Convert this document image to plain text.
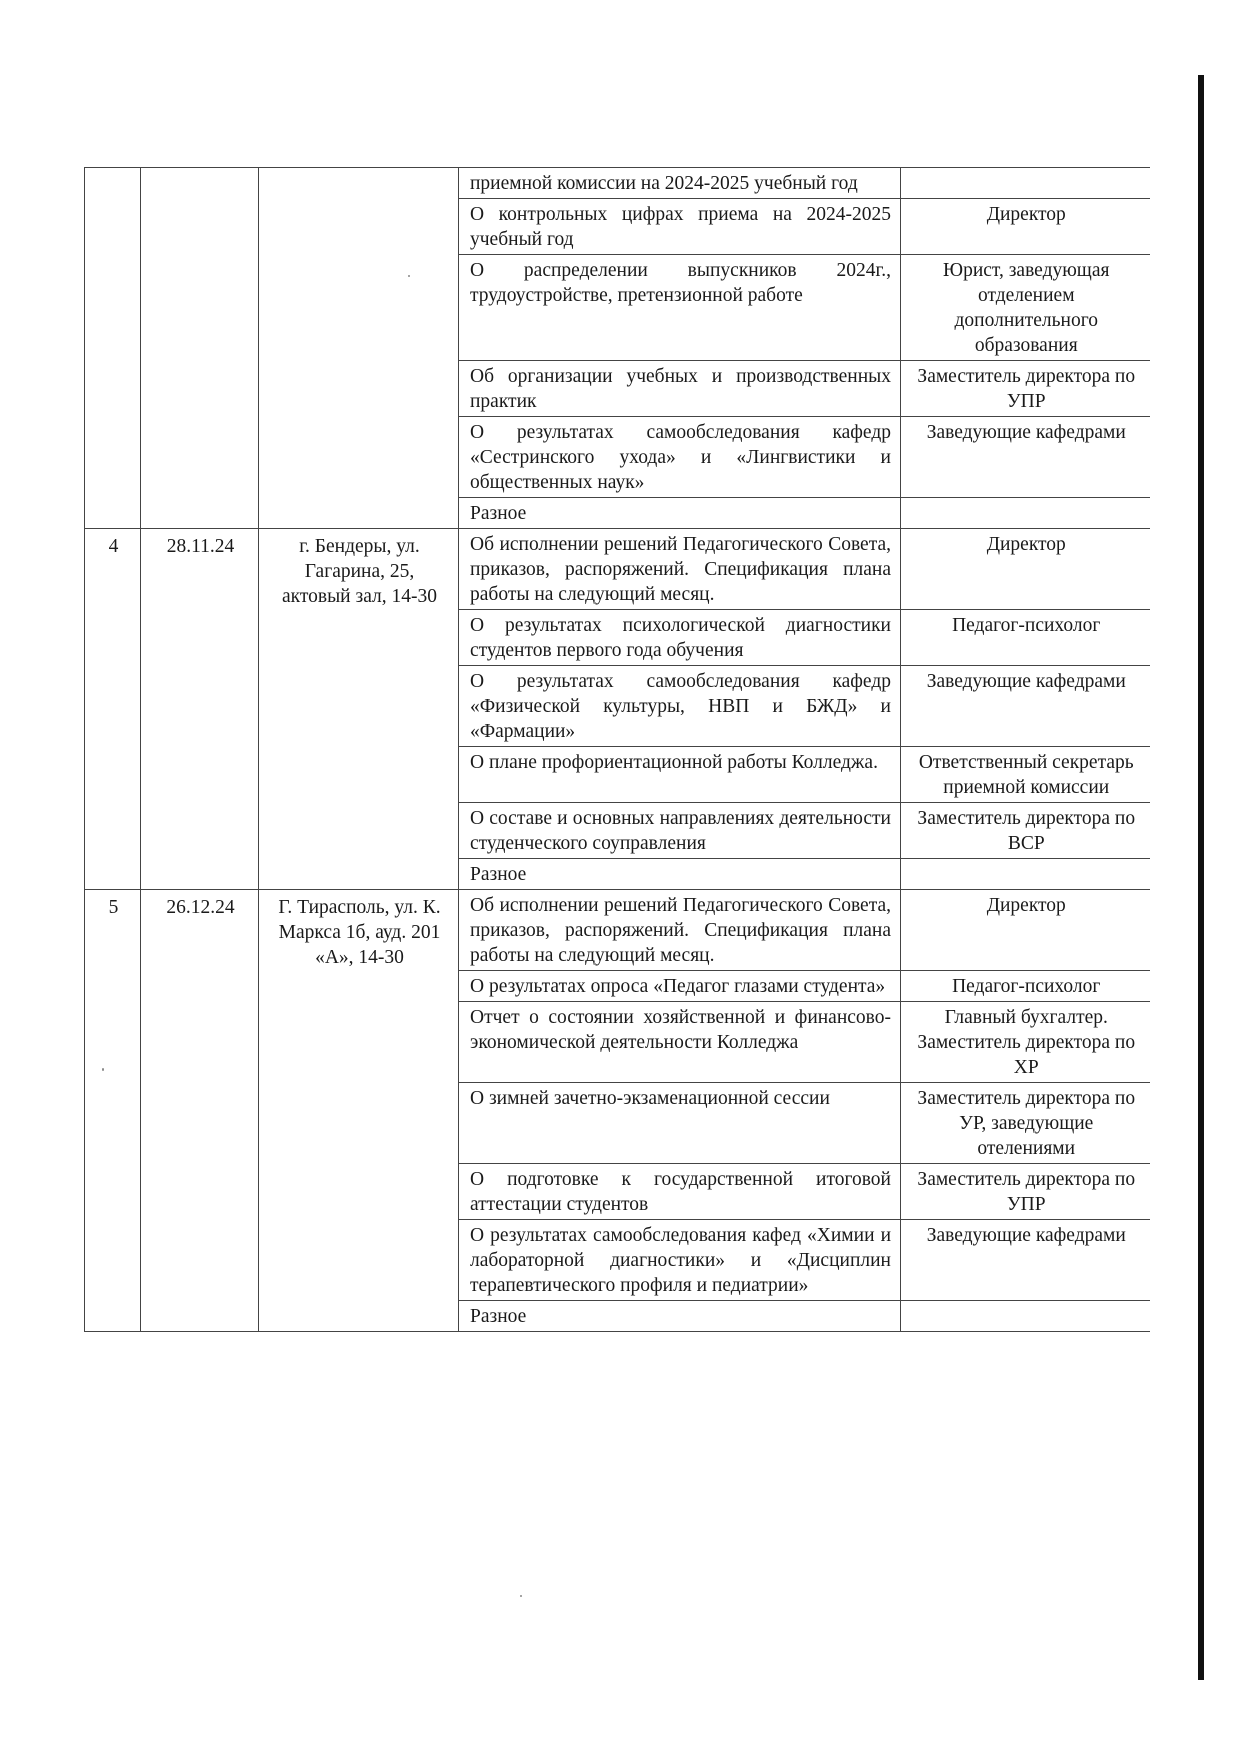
			приемной комиссии на 2024-2025 учебный год	
			О контрольных цифрах приема на 2024-2025 учебный год	Директор
			О распределении выпускников 2024г., трудоустройстве, претензионной работе	Юрист, заведующая отделением дополнительного образования
			Об организации учебных и производственных практик	Заместитель директора по УПР
			О результатах самообследования кафедр «Сестринского ухода» и «Лингвистики и общественных наук»	Заведующие кафедрами
			Разное	
4	28.11.24	г. Бендеры, ул. Гагарина, 25, актовый зал, 14-30	Об исполнении решений Педагогического Совета, приказов, распоряжений. Спецификация плана работы на следующий месяц.	Директор
			О результатах психологической диагностики студентов первого года обучения	Педагог-психолог
			О результатах самообследования кафедр «Физической культуры, НВП и БЖД» и «Фармации»	Заведующие кафедрами
			О плане профориентационной работы Колледжа.	Ответственный секретарь приемной комиссии
			О составе и основных направлениях деятельности студенческого соуправления	Заместитель директора по ВСР
			Разное	
5	26.12.24	Г. Тирасполь, ул. К. Маркса 1б, ауд. 201 «А», 14-30	Об исполнении решений Педагогического Совета, приказов, распоряжений. Спецификация плана работы на следующий месяц.	Директор
			О результатах опроса «Педагог глазами студента»	Педагог-психолог
			Отчет о состоянии хозяйственной и финансово-экономической деятельности Колледжа	Главный бухгалтер. Заместитель директора по ХР
			О зимней зачетно-экзаменационной сессии	Заместитель директора по УР, заведующие отелениями
			О подготовке к государственной итоговой аттестации студентов	Заместитель директора по УПР
			О результатах самообследования кафед «Химии и лабораторной диагностики» и «Дисциплин терапевтического профиля и педиатрии»	Заведующие кафедрами
			Разное	
